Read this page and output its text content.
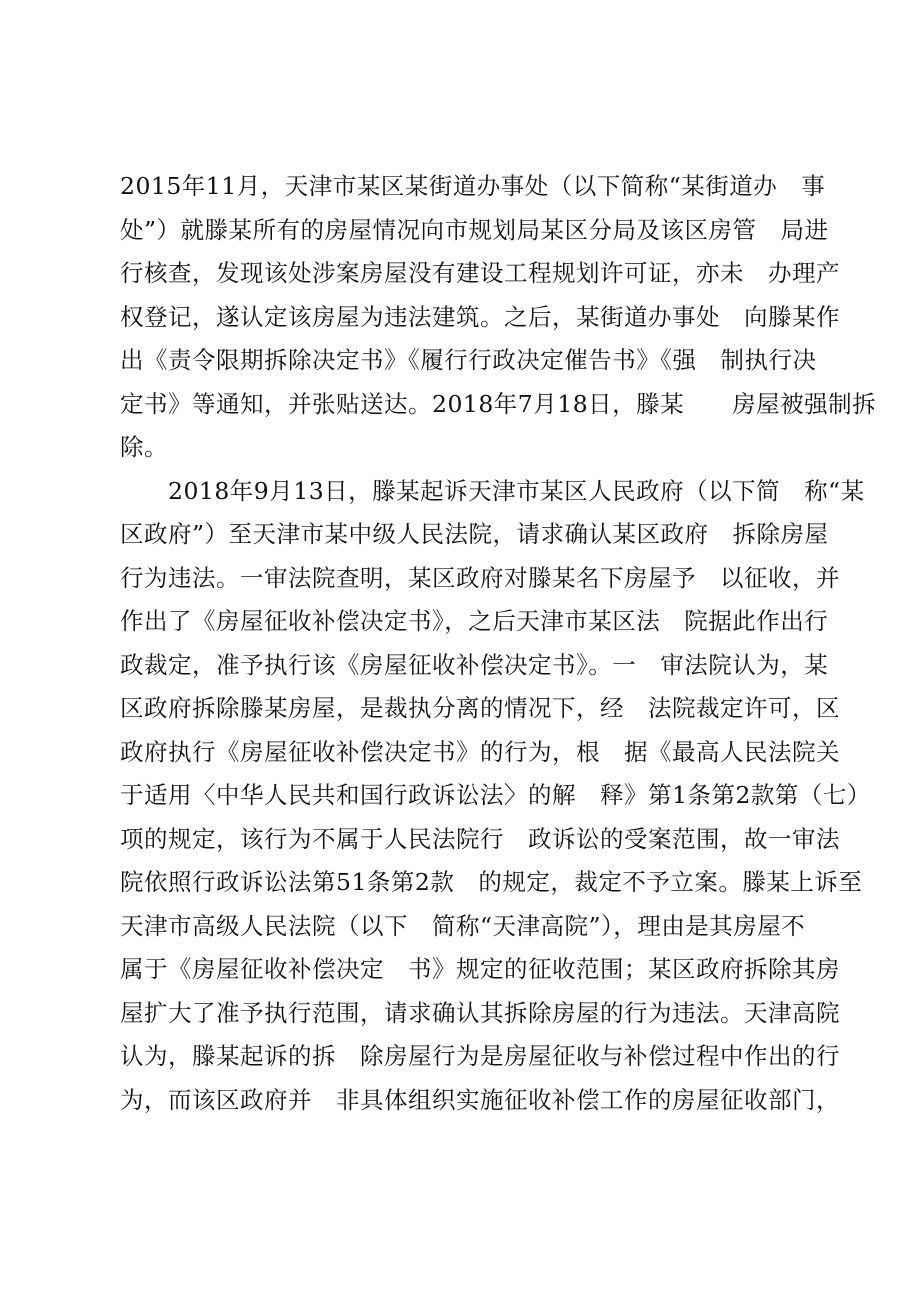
2015年11月，天津市某区某街道办事处（以下简称“某街道办　事
处”）就滕某所有的房屋情况向市规划局某区分局及该区房管　局进
行核查，发现该处涉案房屋没有建设工程规划许可证，亦未　办理产
权登记，遂认定该房屋为违法建筑。之后，某街道办事处　向滕某作
出《责令限期拆除决定书》《履行行政决定催告书》《强　制执行决
定书》等通知，并张贴送达。2018年7月18日，滕某　　房屋被强制拆
除。
2018年9月13日，滕某起诉天津市某区人民政府（以下简　称“某
区政府”）至天津市某中级人民法院，请求确认某区政府　拆除房屋
行为违法。一审法院查明，某区政府对滕某名下房屋予　以征收，并
作出了《房屋征收补偿决定书》，之后天津市某区法　院据此作出行
政裁定，准予执行该《房屋征收补偿决定书》。一　审法院认为，某
区政府拆除滕某房屋，是裁执分离的情况下，经　法院裁定许可，区
政府执行《房屋征收补偿决定书》的行为，根　据《最高人民法院关
于适用〈中华人民共和国行政诉讼法〉的解　释》第1条第2款第（七）
项的规定，该行为不属于人民法院行　政诉讼的受案范围，故一审法
院依照行政诉讼法第51条第2款　的规定，裁定不予立案。滕某上诉至
天津市高级人民法院（以下　简称“天津高院”），理由是其房屋不
属于《房屋征收补偿决定　书》规定的征收范围；某区政府拆除其房
屋扩大了准予执行范围，请求确认其拆除房屋的行为违法。天津高院
认为，滕某起诉的拆　除房屋行为是房屋征收与补偿过程中作出的行
为，而该区政府并　非具体组织实施征收补偿工作的房屋征收部门，
